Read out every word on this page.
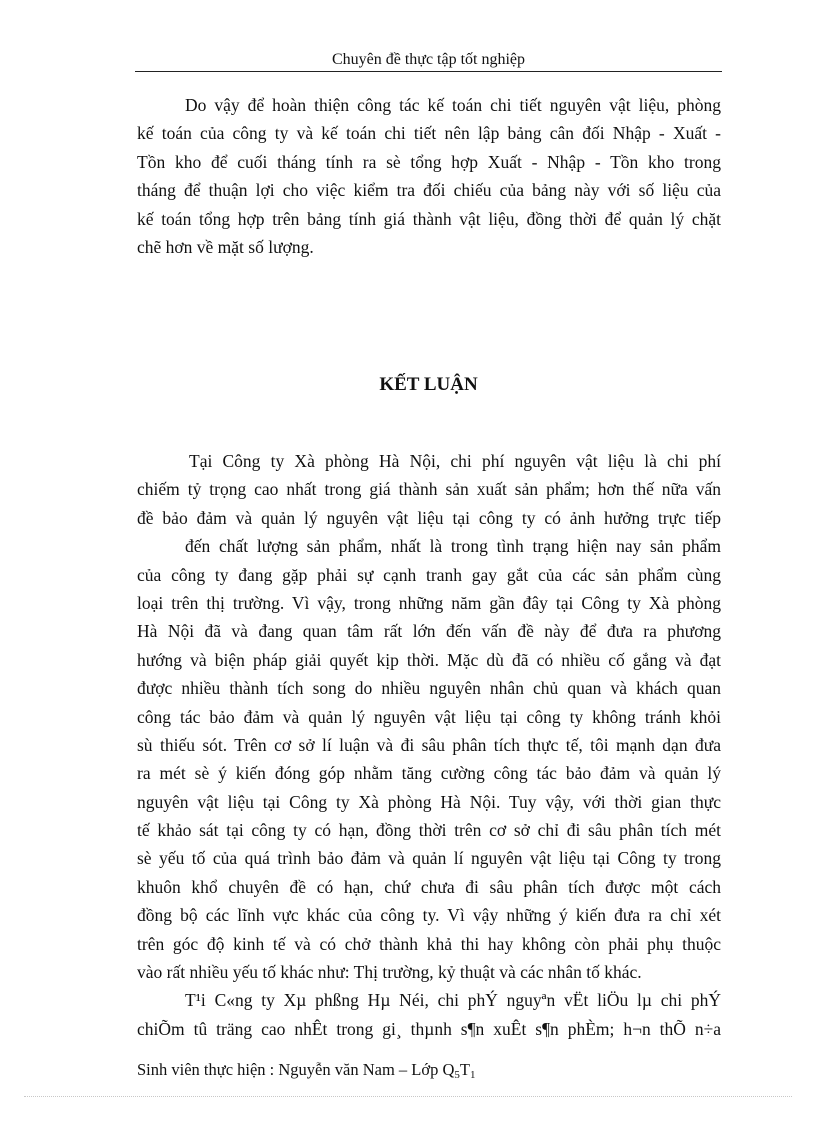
Chuyên đề thực tập tốt nghiệp
Do vậy để hoàn thiện công tác kế toán chi tiết nguyên vật liệu, phòng
kế toán của công ty và kế toán chi tiết nên lập bảng cân đối Nhập - Xuất -
Tồn kho để cuối tháng tính ra sè tổng hợp Xuất - Nhập - Tồn kho trong
tháng để thuận lợi cho việc kiểm tra đối chiếu của bảng này với số liệu của
kế toán tổng hợp trên bảng tính giá thành vật liệu, đồng thời để quản lý chặt
chẽ hơn về mặt số lượng.
KẾT LUẬN
Tại Công ty Xà phòng Hà Nội, chi phí nguyên vật liệu là chi phí
chiếm tỷ trọng cao nhất trong giá thành sản xuất sản phẩm; hơn thế nữa vấn
đề bảo đảm và quản lý nguyên vật liệu tại công ty có ảnh hưởng trực tiếp
đến chất lượng sản phẩm, nhất là trong tình trạng hiện nay sản phẩm
của công ty đang gặp phải sự cạnh tranh gay gắt của các sản phẩm cùng
loại trên thị trường. Vì vậy, trong những năm gần đây tại Công ty Xà phòng
Hà Nội đã và đang quan tâm rất lớn đến vấn đề này để đưa ra phương
hướng và biện pháp giải quyết kịp thời. Mặc dù đã có nhiều cố gắng và đạt
được nhiều thành tích song do nhiều nguyên nhân chủ quan và khách quan
công tác bảo đảm và quản lý nguyên vật liệu tại công ty không tránh khỏi
sù thiếu sót. Trên cơ sở lí luận và đi sâu phân tích thực tế, tôi mạnh dạn đưa
ra mét sè ý kiến đóng góp nhằm tăng cường công tác bảo đảm và quản lý
nguyên vật liệu tại Công ty Xà phòng Hà Nội. Tuy vậy, với thời gian thực
tế khảo sát tại công ty có hạn, đồng thời trên cơ sở chỉ đi sâu phân tích mét
sè yếu tố của quá trình bảo đảm và quản lí nguyên vật liệu tại Công ty trong
khuôn khổ chuyên đề có hạn, chứ chưa đi sâu phân tích được một cách
đồng bộ các lĩnh vực khác của công ty. Vì vậy những ý kiến đưa ra chỉ xét
trên góc độ kinh tế và có chở thành khả thi hay không còn phải phụ thuộc
vào rất nhiều yếu tố khác như: Thị trường, kỷ thuật và các nhân tố khác.
T¹i C«ng ty Xµ phßng Hµ Néi, chi phÝ nguyªn vËt liÖu lµ chi phÝ
chiÕm tû träng cao nhÊt trong gi¸ thµnh s¶n xuÊt s¶n phÈm; h¬n thÕ n÷a
Sinh viên thực hiện : Nguyễn văn Nam – Lớp $Q_5T_1$
